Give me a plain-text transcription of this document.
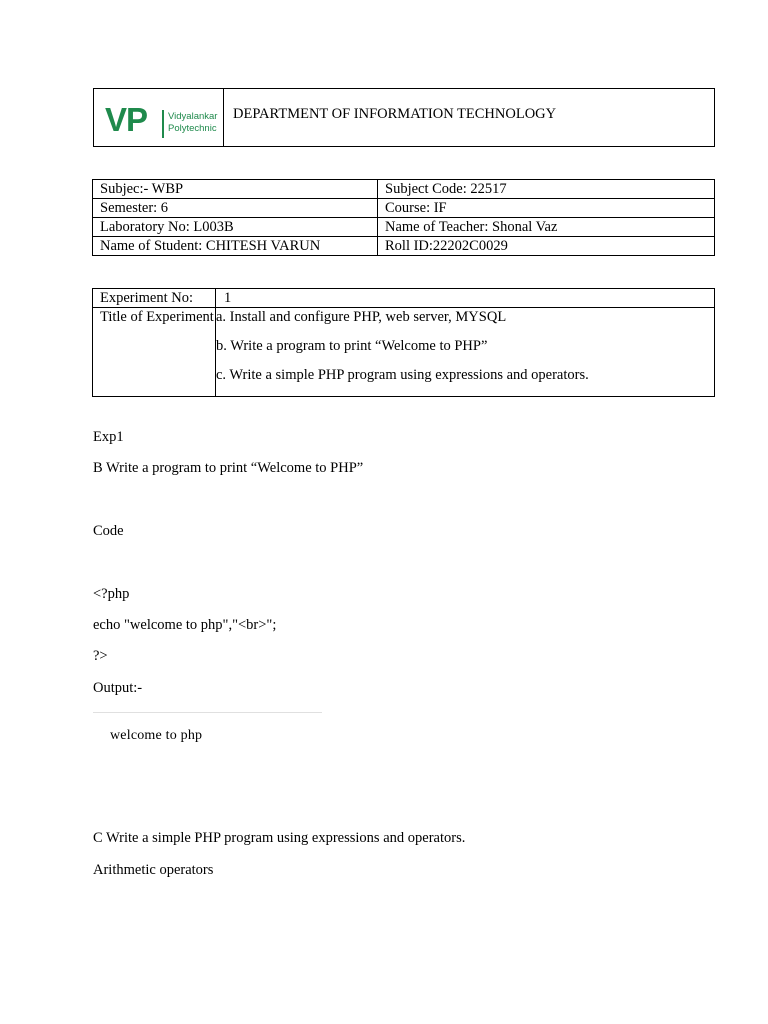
VP Vidyalankar
Polytechnic
DEPARTMENT OF INFORMATION TECHNOLOGY
Subjec:- WBP	Subject Code: 22517
Semester: 6	Course: IF
Laboratory No: L003B	Name of Teacher: Shonal Vaz
Name of Student: CHITESH VARUN	Roll ID:22202C0029
Experiment No:	1
Title of Experiment	a. Install and configure PHP, web server, MYSQL
b. Write a program to print “Welcome to PHP”
c. Write a simple PHP program using expressions and operators.
Exp1
B Write a program to print “Welcome to PHP”
Code
<?php
echo "welcome to php","<br>";
?>
Output:-
welcome to php
C Write a simple PHP program using expressions and operators.
Arithmetic operators
